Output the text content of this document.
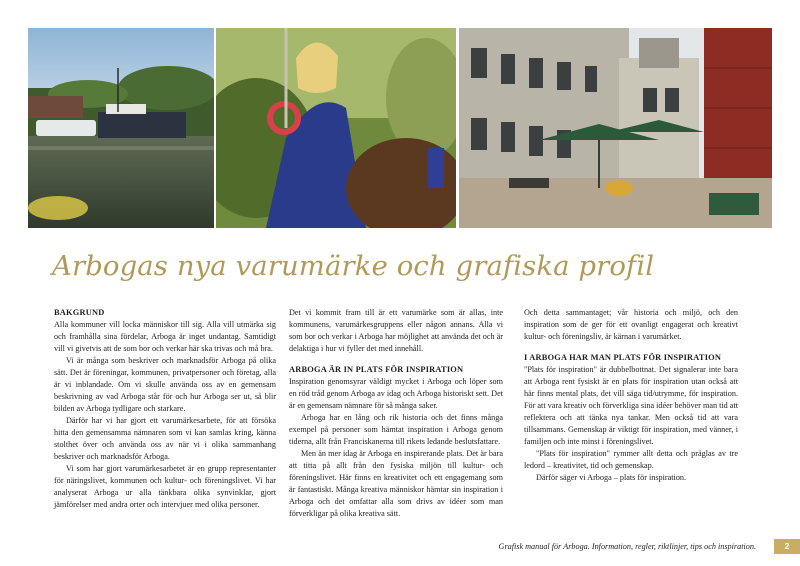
Arbogas nya varumärke och grafiska profil
BAKGRUND

Alla kommuner vill locka människor till sig. Alla vill utmärka sig och framhålla sina fördelar, Arboga är inget undantag. Samtidigt vill vi givetvis att de som bor och verkar här ska trivas och må bra.

Vi är många som beskriver och marknadsför Arboga på olika sätt. Det är föreningar, kommunen, privatpersoner och företag, alla är vi inblandade. Om vi skulle använda oss av en gemensam beskrivning av vad Arboga står för och hur Arboga ser ut, så blir bilden av Arboga tydligare och starkare.

Därför har vi har gjort ett varumärkesarbete, för att försöka hitta den gemensamma nämnaren som vi kan samlas kring, känna stolthet över och använda oss av när vi i olika sammanhang beskriver och marknadsför Arboga.

Vi som har gjort varumärkesarbetet är en grupp representanter för näringslivet, kommunen och kultur- och föreningslivet. Vi har analyserat Arboga ur alla tänkbara olika synvinklar, gjort jämförelser med andra orter och intervjuer med olika personer.

Det vi kommit fram till är ett varumärke som är allas, inte kommunens, varumärkesgruppens eller någon annans. Alla vi som bor och verkar i Arboga har möjlighet att använda det och är delaktiga i hur vi fyller det med innehåll.

ARBOGA ÄR IN PLATS FÖR INSPIRATION

Inspiration genomsyrar väldigt mycket i Arboga och löper som en röd tråd genom Arboga av idag och Arboga historiskt sett. Det är en gemensam nämnare för så många saker.

Arboga har en lång och rik historia och det finns många exempel på personer som hämtat inspiration i Arboga genom tiderna, allt från Franciskanerna till rikets ledande beslutsfattare.

Men än mer idag är Arboga en inspirerande plats. Det är bara att titta på allt från den fysiska miljön till kultur- och föreningslivet. Här finns en kreativitet och ett engagemang som är fantastiskt. Många kreativa människor hämtar sin inspiration i Arboga och det omfattar alla som drivs av idéer som man förverkligar på olika kreativa sätt.

Och detta sammantaget; vår historia och miljö, och den inspiration som de ger för ett ovanligt engagerat och kreativt kultur- och föreningsliv, är kärnan i varumärket.

I ARBOGA HAR MAN PLATS FÖR INSPIRATION

"Plats för inspiration" är dubbelbottnat. Det signalerar inte bara att Arboga rent fysiskt är en plats för inspiration utan också att här finns mental plats, det vill säga tid/utrymme, för inspiration. För att vara kreativ och förverkliga sina idéer behöver man tid att reflektera och att tänka nya tankar. Men också tid att vara tillsammans. Gemenskap är viktigt för inspiration, med vänner, i familjen och inte minst i föreningslivet.

"Plats för inspiration" rymmer allt detta och präglas av tre ledord – kreativitet, tid och gemenskap.

Därför säger vi Arboga – plats för inspiration.

Grafisk manual för Arboga. Information, regler, riktlinjer, tips och inspiration.	2
